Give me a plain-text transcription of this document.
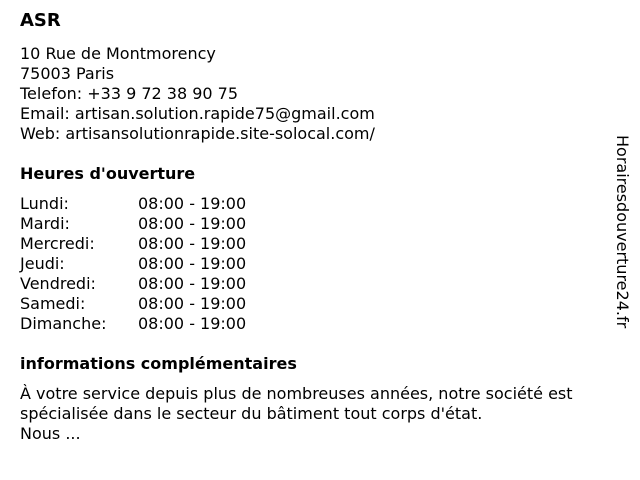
ASR
10 Rue de Montmorency
75003 Paris
Telefon: +33 9 72 38 90 75
Email: artisan.solution.rapide75@gmail.com
Web: artisansolutionrapide.site-solocal.com/
Heures d'ouverture
Lundi:	08:00 - 19:00
Mardi:	08:00 - 19:00
Mercredi:	08:00 - 19:00
Jeudi:	08:00 - 19:00
Vendredi:	08:00 - 19:00
Samedi:	08:00 - 19:00
Dimanche:	08:00 - 19:00
informations complémentaires
À votre service depuis plus de nombreuses années, notre société est
spécialisée dans le secteur du bâtiment tout corps d'état.
Nous ...
Horairesdouverture24.fr
